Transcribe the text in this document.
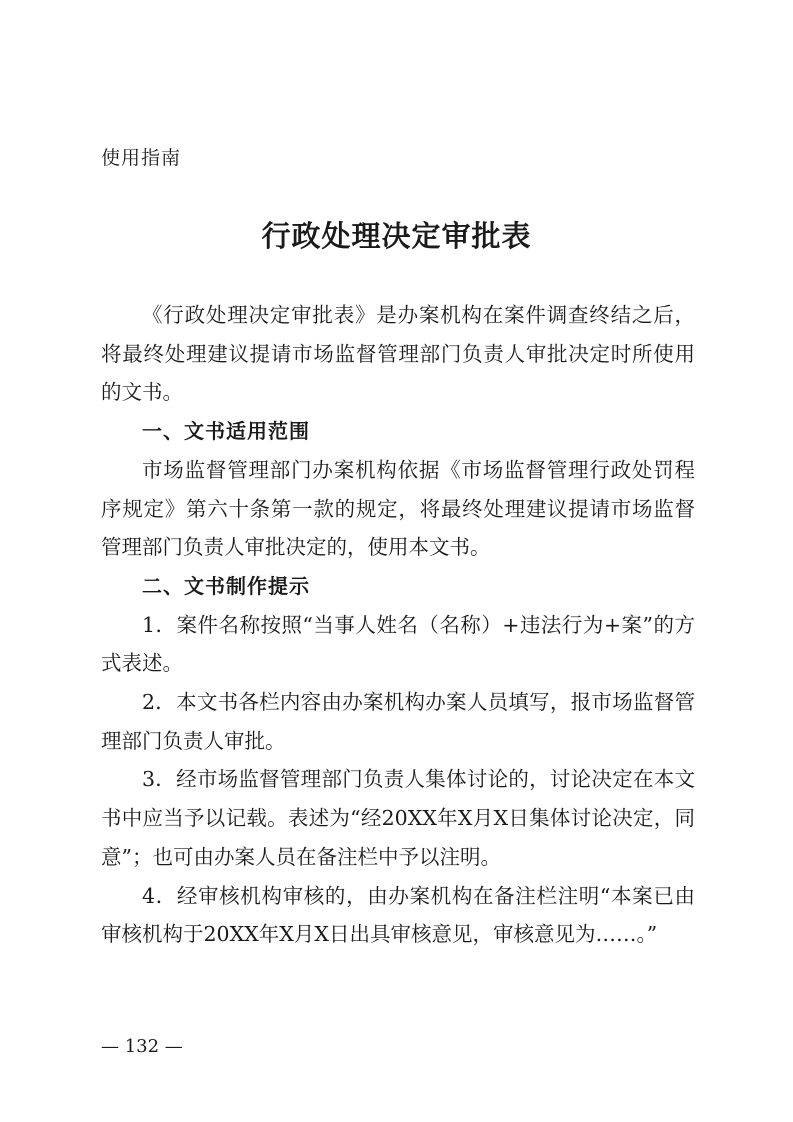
使用指南
行政处理决定审批表

《行政处理决定审批表》是办案机构在案件调查终结之后，将最终处理建议提请市场监督管理部门负责人审批决定时所使用的文书。

一、文书适用范围

市场监督管理部门办案机构依据《市场监督管理行政处罚程序规定》第六十条第一款的规定，将最终处理建议提请市场监督管理部门负责人审批决定的，使用本文书。

二、文书制作提示

1．案件名称按照“当事人姓名（名称）+违法行为+案”的方式表述。

2．本文书各栏内容由办案机构办案人员填写，报市场监督管理部门负责人审批。

3．经市场监督管理部门负责人集体讨论的，讨论决定在本文书中应当予以记载。表述为“经20XX年X月X日集体讨论决定，同意”；也可由办案人员在备注栏中予以注明。

4．经审核机构审核的，由办案机构在备注栏注明“本案已由审核机构于20XX年X月X日出具审核意见，审核意见为……。”

— 132 —
